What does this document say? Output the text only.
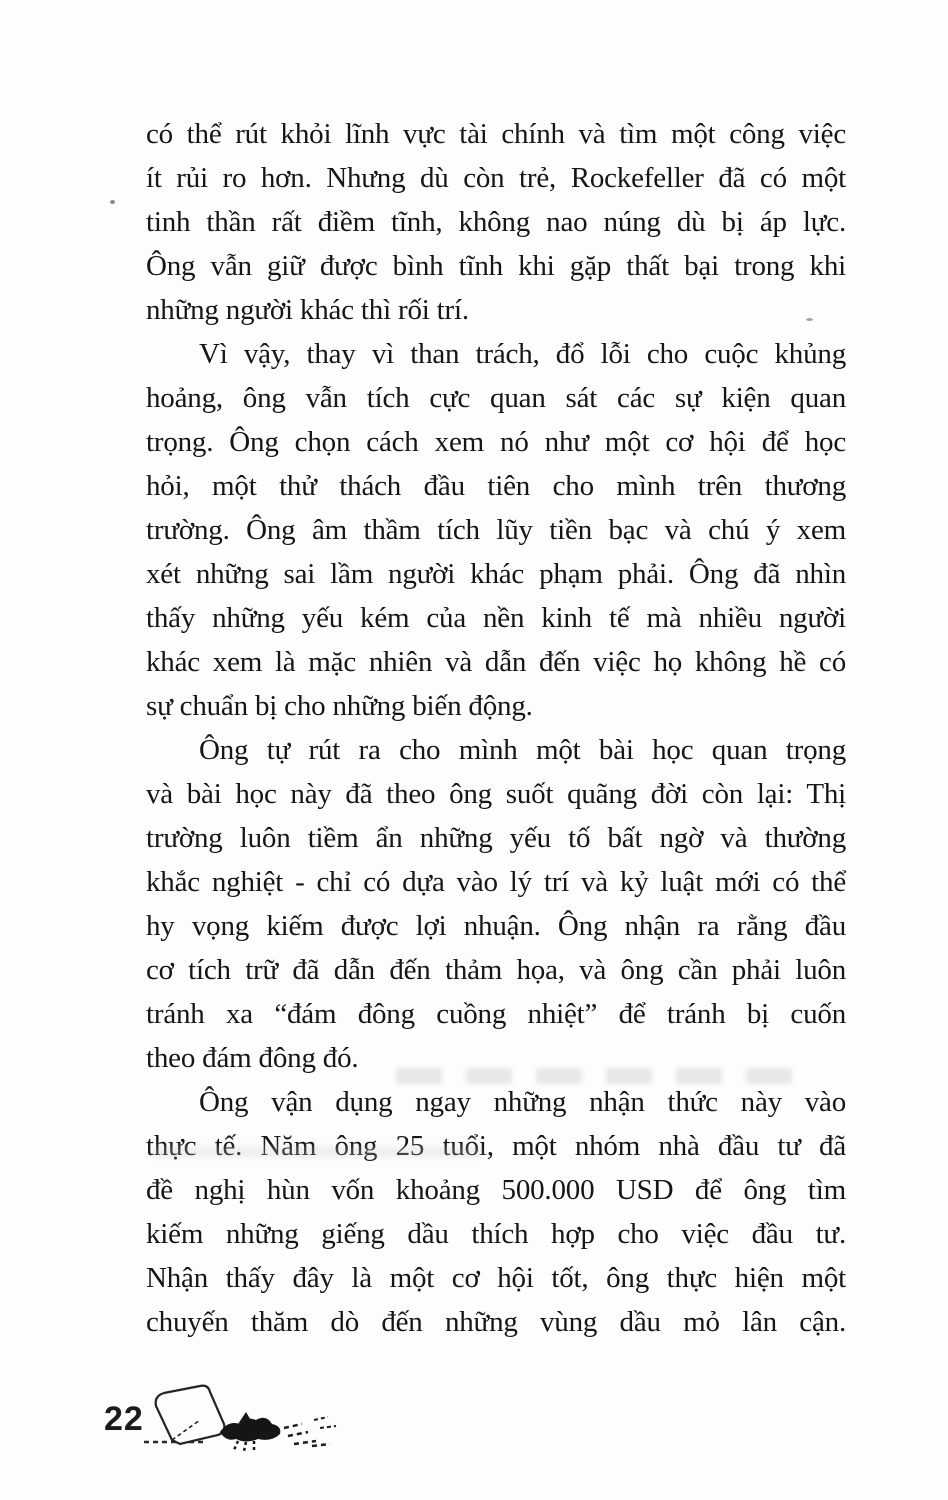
có thể rút khỏi lĩnh vực tài chính và tìm một công việc
ít rủi ro hơn. Nhưng dù còn trẻ, Rockefeller đã có một
tinh thần rất điềm tĩnh, không nao núng dù bị áp lực.
Ông vẫn giữ được bình tĩnh khi gặp thất bại trong khi
những người khác thì rối trí.

Vì vậy, thay vì than trách, đổ lỗi cho cuộc khủng
hoảng, ông vẫn tích cực quan sát các sự kiện quan
trọng. Ông chọn cách xem nó như một cơ hội để học
hỏi, một thử thách đầu tiên cho mình trên thương
trường. Ông âm thầm tích lũy tiền bạc và chú ý xem
xét những sai lầm người khác phạm phải. Ông đã nhìn
thấy những yếu kém của nền kinh tế mà nhiều người
khác xem là mặc nhiên và dẫn đến việc họ không hề có
sự chuẩn bị cho những biến động.

Ông tự rút ra cho mình một bài học quan trọng
và bài học này đã theo ông suốt quãng đời còn lại: Thị
trường luôn tiềm ẩn những yếu tố bất ngờ và thường
khắc nghiệt - chỉ có dựa vào lý trí và kỷ luật mới có thể
hy vọng kiếm được lợi nhuận. Ông nhận ra rằng đầu
cơ tích trữ đã dẫn đến thảm họa, và ông cần phải luôn
tránh xa “đám đông cuồng nhiệt” để tránh bị cuốn
theo đám đông đó.

Ông vận dụng ngay những nhận thức này vào
thực tế. Năm ông 25 tuổi, một nhóm nhà đầu tư đã
đề nghị hùn vốn khoảng 500.000 USD để ông tìm
kiếm những giếng dầu thích hợp cho việc đầu tư.
Nhận thấy đây là một cơ hội tốt, ông thực hiện một
chuyến thăm dò đến những vùng dầu mỏ lân cận.

22
